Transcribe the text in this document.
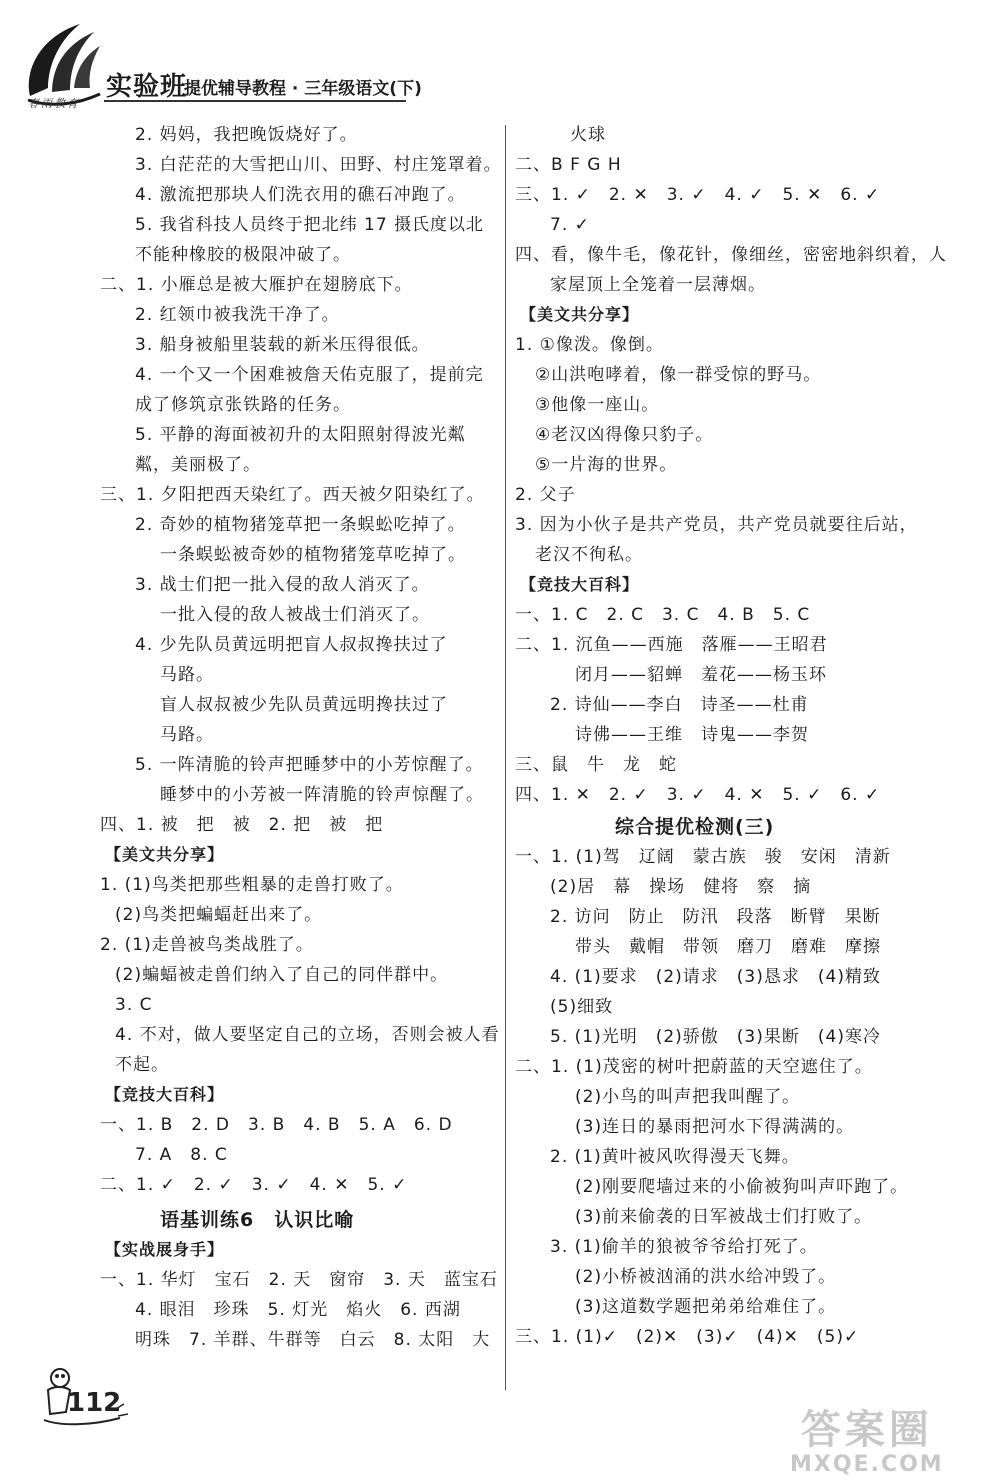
实验班
提优辅导教程 · 三年级语文(下)
春雨教育
2. 妈妈，我把晚饭烧好了。
3. 白茫茫的大雪把山川、田野、村庄笼罩着。
4. 激流把那块人们洗衣用的礁石冲跑了。
5. 我省科技人员终于把北纬 17 摄氏度以北
不能种橡胶的极限冲破了。
二、1. 小雁总是被大雁护在翅膀底下。
2. 红领巾被我洗干净了。
3. 船身被船里装载的新米压得很低。
4. 一个又一个困难被詹天佑克服了，提前完
成了修筑京张铁路的任务。
5. 平静的海面被初升的太阳照射得波光粼
粼，美丽极了。
三、1. 夕阳把西天染红了。西天被夕阳染红了。
2. 奇妙的植物猪笼草把一条蜈蚣吃掉了。
一条蜈蚣被奇妙的植物猪笼草吃掉了。
3. 战士们把一批入侵的敌人消灭了。
一批入侵的敌人被战士们消灭了。
4. 少先队员黄远明把盲人叔叔搀扶过了
马路。
盲人叔叔被少先队员黄远明搀扶过了
马路。
5. 一阵清脆的铃声把睡梦中的小芳惊醒了。
睡梦中的小芳被一阵清脆的铃声惊醒了。
四、1. 被　把　被　2. 把　被　把
【美文共分享】
1. (1)鸟类把那些粗暴的走兽打败了。
(2)鸟类把蝙蝠赶出来了。
2. (1)走兽被鸟类战胜了。
(2)蝙蝠被走兽们纳入了自己的同伴群中。
3. C
4. 不对，做人要坚定自己的立场，否则会被人看
不起。
【竞技大百科】
一、1. B　2. D　3. B　4. B　5. A　6. D
7. A　8. C
二、1. ✓　2. ✓　3. ✓　4. ✕　5. ✓
语基训练6　认识比喻
【实战展身手】
一、1. 华灯　宝石　2. 天　窗帘　3. 天　蓝宝石
4. 眼泪　珍珠　5. 灯光　焰火　6. 西湖
明珠　7. 羊群、牛群等　白云　8. 太阳　大
火球
二、B F G H
三、1. ✓　2. ✕　3. ✓　4. ✓　5. ✕　6. ✓
7. ✓
四、看，像牛毛，像花针，像细丝，密密地斜织着，人
家屋顶上全笼着一层薄烟。
【美文共分享】
1. ①像泼。像倒。
②山洪咆哮着，像一群受惊的野马。
③他像一座山。
④老汉凶得像只豹子。
⑤一片海的世界。
2. 父子
3. 因为小伙子是共产党员，共产党员就要往后站，
老汉不徇私。
【竞技大百科】
一、1. C　2. C　3. C　4. B　5. C
二、1. 沉鱼——西施　落雁——王昭君
闭月——貂蝉　羞花——杨玉环
2. 诗仙——李白　诗圣——杜甫
诗佛——王维　诗鬼——李贺
三、鼠　牛　龙　蛇
四、1. ✕　2. ✓　3. ✓　4. ✕　5. ✓　6. ✓
综合提优检测(三)
一、1. (1)驾　辽阔　蒙古族　骏　安闲　清新
(2)居　幕　操场　健将　察　摘
2. 访问　防止　防汛　段落　断臂　果断
带头　戴帽　带领　磨刀　磨难　摩擦
4. (1)要求　(2)请求　(3)恳求　(4)精致
(5)细致
5. (1)光明　(2)骄傲　(3)果断　(4)寒冷
二、1. (1)茂密的树叶把蔚蓝的天空遮住了。
(2)小鸟的叫声把我叫醒了。
(3)连日的暴雨把河水下得满满的。
2. (1)黄叶被风吹得漫天飞舞。
(2)刚要爬墙过来的小偷被狗叫声吓跑了。
(3)前来偷袭的日军被战士们打败了。
3. (1)偷羊的狼被爷爷给打死了。
(2)小桥被汹涌的洪水给冲毁了。
(3)这道数学题把弟弟给难住了。
三、1. (1)✓　(2)✕　(3)✓　(4)✕　(5)✓
112
答案圈
MXQE.COM
